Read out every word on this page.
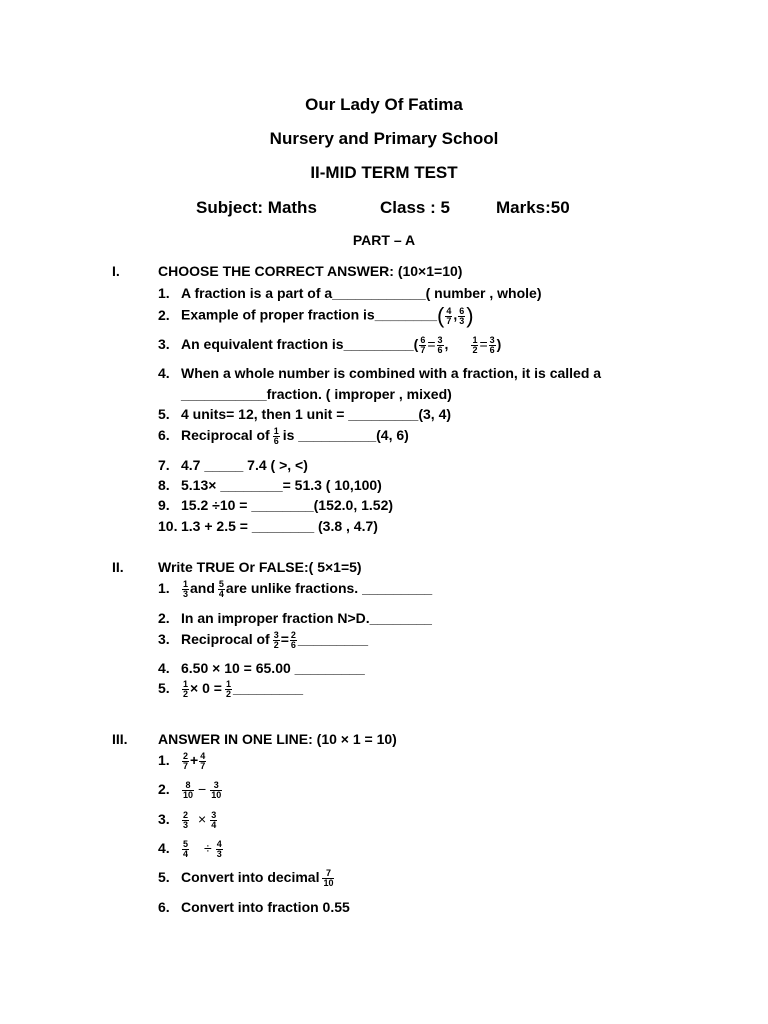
Our Lady Of Fatima
Nursery and Primary School
II-MID TERM TEST
Subject: Maths	Class : 5	Marks:50
PART – A
I.	CHOOSE THE CORRECT ANSWER: (10×1=10)
1. A fraction is a part of a____________( number , whole)
2. Example of proper fraction is________( $\frac{4}{7}$ , $\frac{6}{3}$ )
3. An equivalent fraction is_________( $\frac{6}{7} = \frac{3}{6}$ ,	$\frac{1}{2} = \frac{3}{6}$ )
4. When a whole number is combined with a fraction, it is called a
___________fraction. ( improper , mixed)
5. 4 units= 12, then 1 unit = _________(3, 4)
6. Reciprocal of $\frac{1}{6}$ is __________(4, 6)
7. 4.7 _____ 7.4 ( >, <)
8. 5.13× ________= 51.3 ( 10,100)
9. 15.2 ÷10 = ________(152.0, 1.52)
10. 1.3 + 2.5 = ________ (3.8 , 4.7)
II. Write TRUE Or FALSE:( 5×1=5)
1. $\frac{1}{3}$ and $\frac{5}{4}$ are unlike fractions. _________
2. In an improper fraction N>D.________
3. Reciprocal of $\frac{3}{2} = \frac{2}{6}$ _________
4. 6.50 × 10 = 65.00 _________
5. $\frac{1}{2} \times 0 = \frac{1}{2}$ _________
III. ANSWER IN ONE LINE: (10 × 1 = 10)
1. $\frac{2}{7} + \frac{4}{7}$
2. $\frac{8}{10} - \frac{3}{10}$
3. $\frac{2}{3} \times \frac{3}{4}$
4. $\frac{5}{4} \div \frac{4}{3}$
5. Convert into decimal $\frac{7}{10}$
6. Convert into fraction 0.55
